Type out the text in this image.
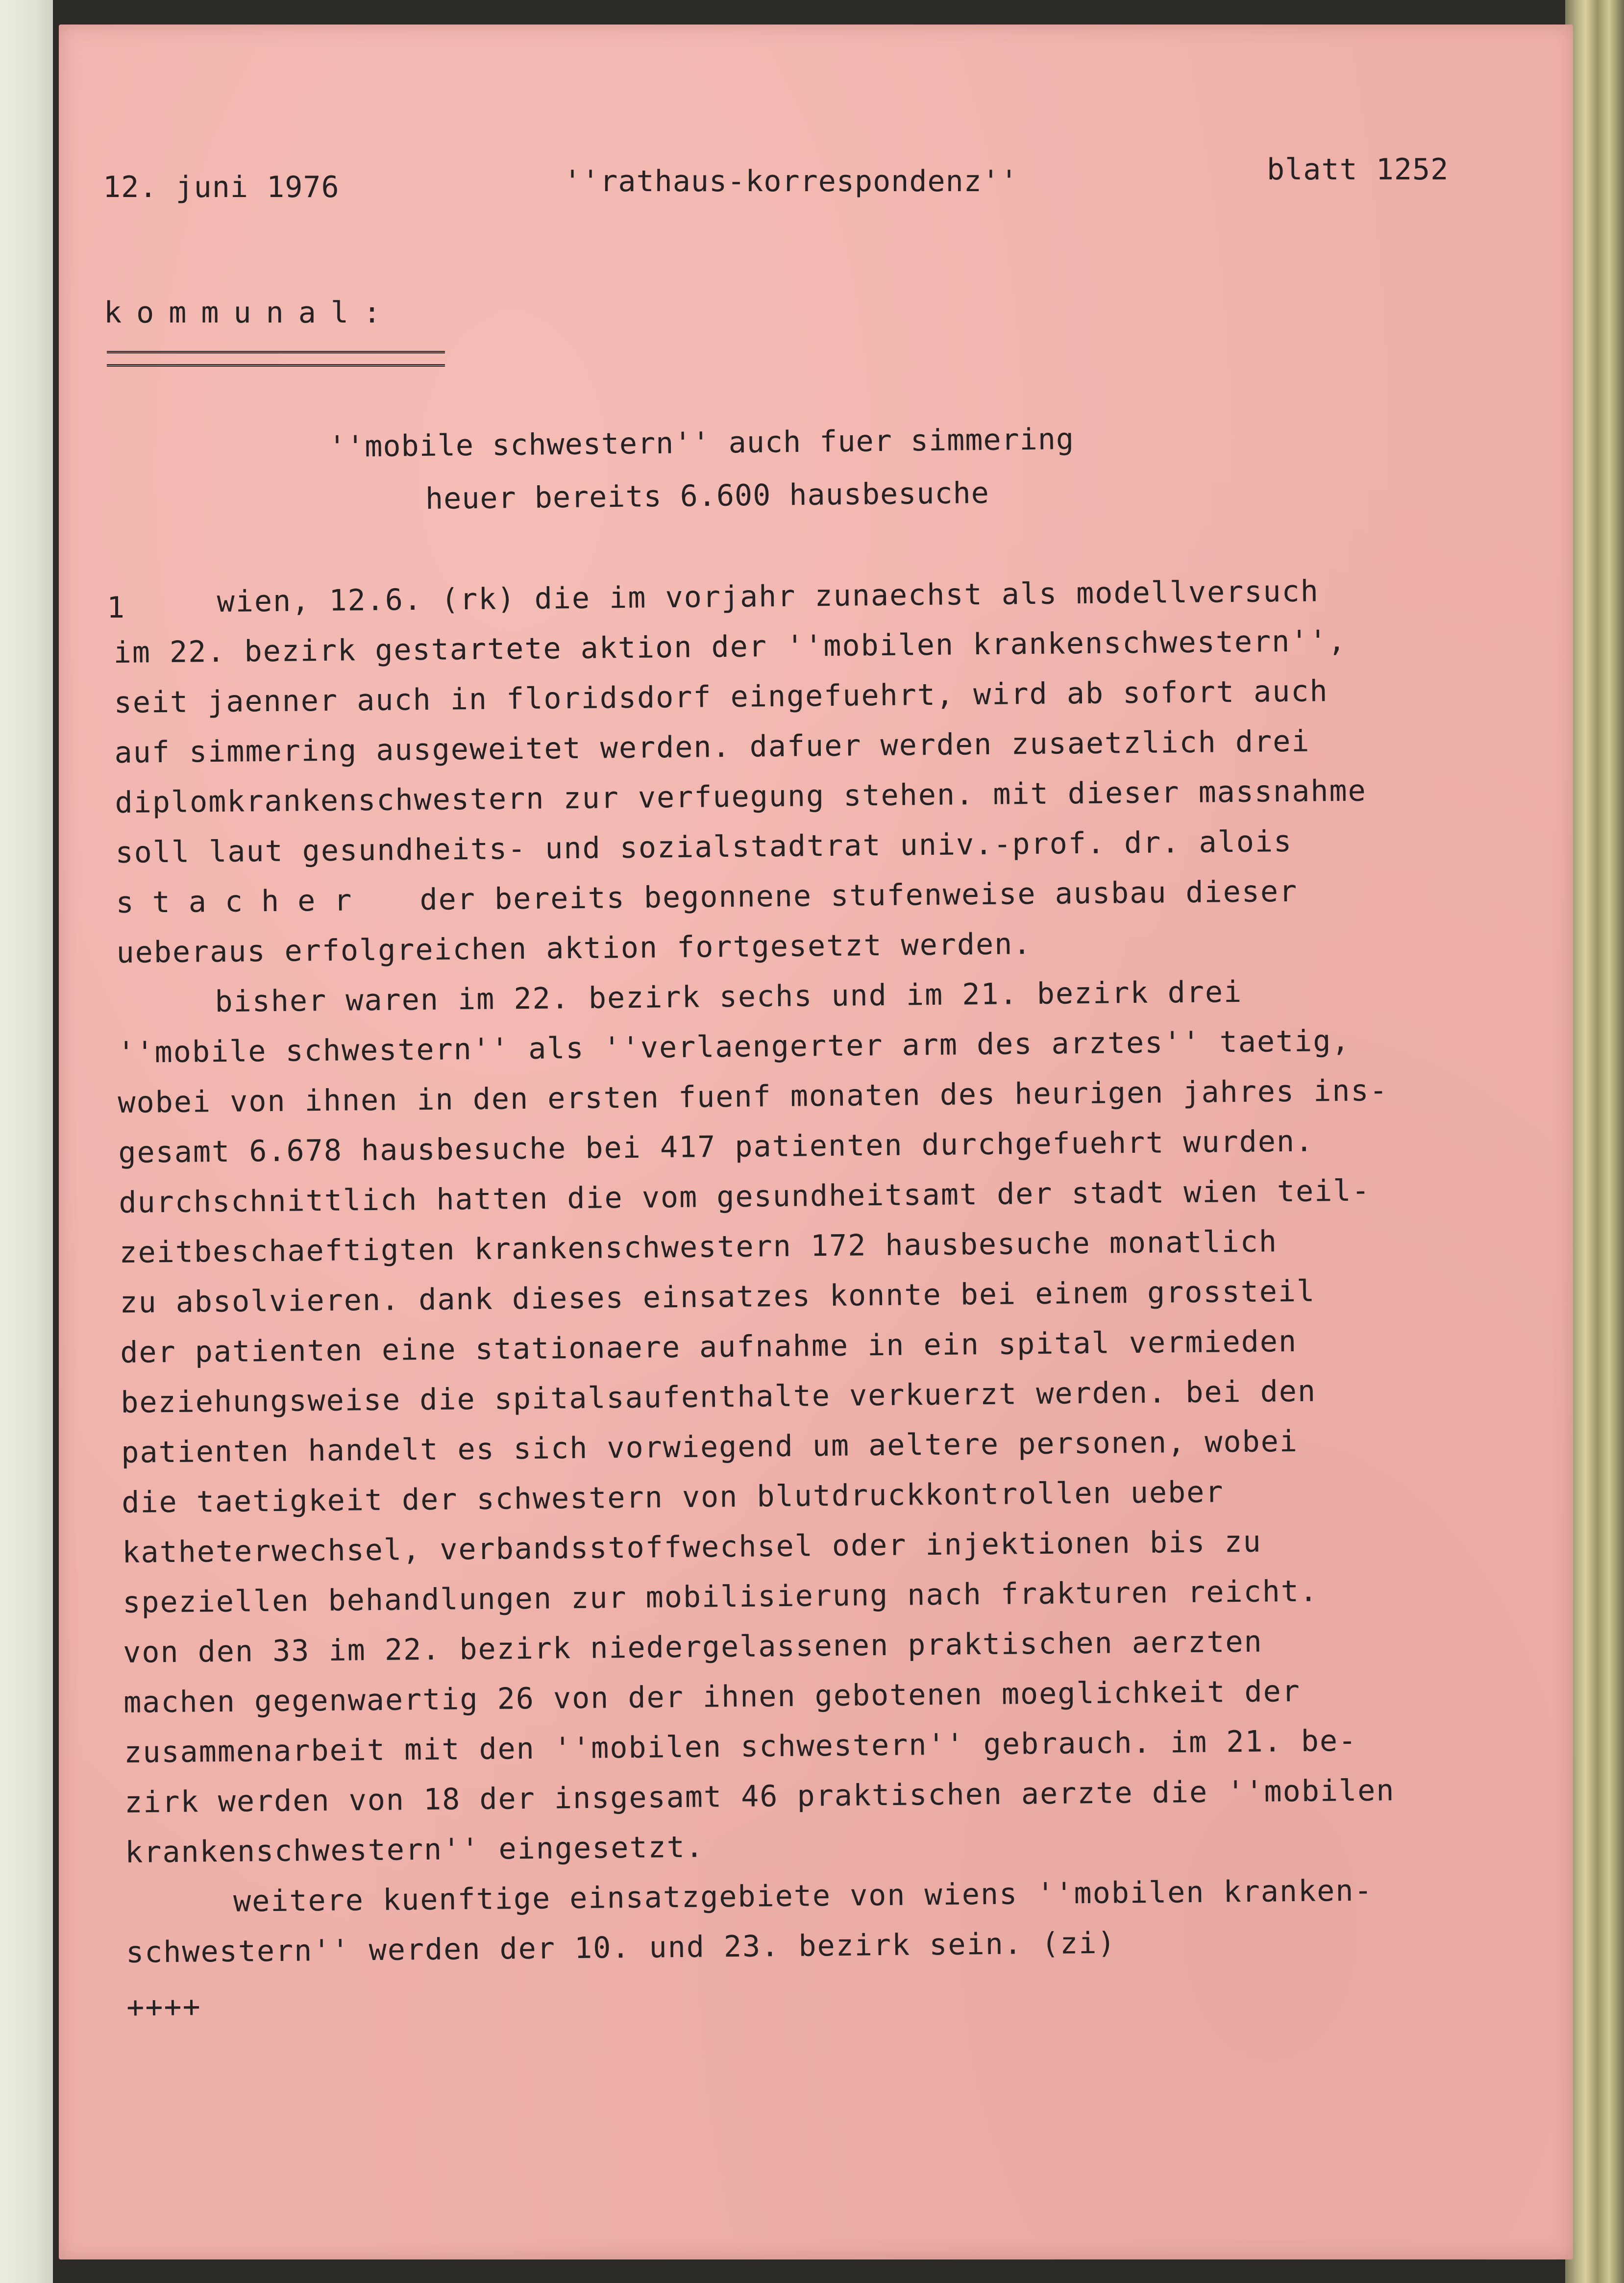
12. juni 1976	''rathaus-korrespondenz''	blatt 1252
kommunal:
''mobile schwestern'' auch fuer simmering
heuer bereits 6.600 hausbesuche
1	wien, 12.6. (rk) die im vorjahr zunaechst als modellversuch
im 22. bezirk gestartete aktion der ''mobilen krankenschwestern'',
seit jaenner auch in floridsdorf eingefuehrt, wird ab sofort auch
auf simmering ausgeweitet werden. dafuer werden zusaetzlich drei
diplomkrankenschwestern zur verfuegung stehen. mit dieser massnahme
soll laut gesundheits- und sozialstadtrat univ.-prof. dr. alois
stacher der bereits begonnene stufenweise ausbau dieser
ueberaus erfolgreichen aktion fortgesetzt werden.
bisher waren im 22. bezirk sechs und im 21. bezirk drei
''mobile schwestern'' als ''verlaengerter arm des arztes'' taetig,
wobei von ihnen in den ersten fuenf monaten des heurigen jahres ins-
gesamt 6.678 hausbesuche bei 417 patienten durchgefuehrt wurden.
durchschnittlich hatten die vom gesundheitsamt der stadt wien teil-
zeitbeschaeftigten krankenschwestern 172 hausbesuche monatlich
zu absolvieren. dank dieses einsatzes konnte bei einem grossteil
der patienten eine stationaere aufnahme in ein spital vermieden
beziehungsweise die spitalsaufenthalte verkuerzt werden. bei den
patienten handelt es sich vorwiegend um aeltere personen, wobei
die taetigkeit der schwestern von blutdruckkontrollen ueber
katheterwechsel, verbandsstoffwechsel oder injektionen bis zu
speziellen behandlungen zur mobilisierung nach frakturen reicht.
von den 33 im 22. bezirk niedergelassenen praktischen aerzten
machen gegenwaertig 26 von der ihnen gebotenen moeglichkeit der
zusammenarbeit mit den ''mobilen schwestern'' gebrauch. im 21. be-
zirk werden von 18 der insgesamt 46 praktischen aerzte die ''mobilen
krankenschwestern'' eingesetzt.
weitere kuenftige einsatzgebiete von wiens ''mobilen kranken-
schwestern'' werden der 10. und 23. bezirk sein. (zi)
++++
